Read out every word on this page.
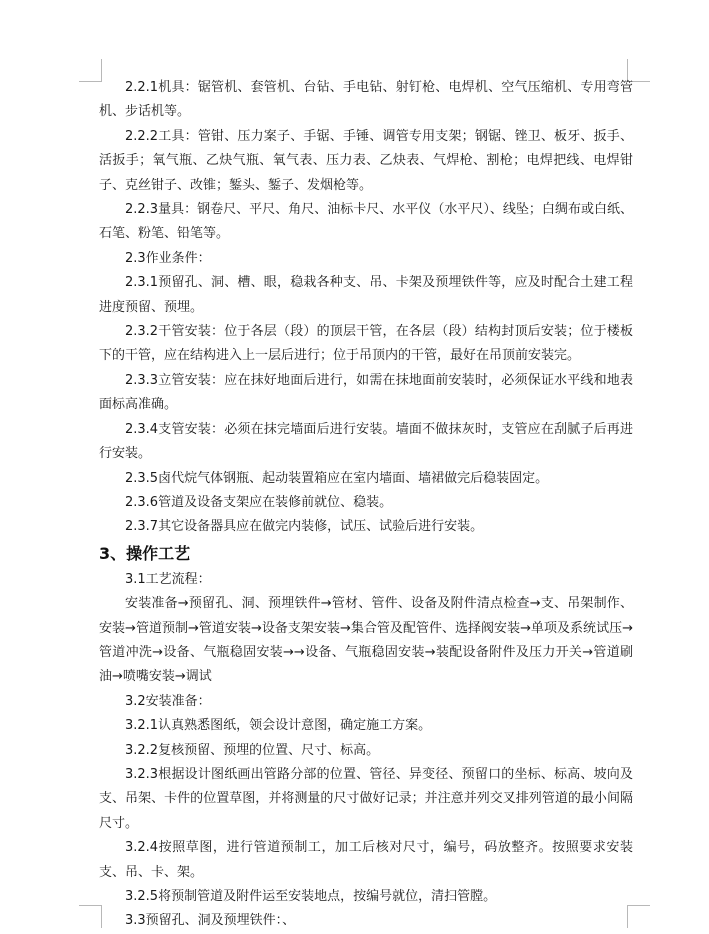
2.2.1机具：锯管机、套管机、台钻、手电钻、射钉枪、电焊机、空气压缩机、专用弯管机、步话机等。

2.2.2工具：管钳、压力案子、手锯、手锤、调管专用支架；钢锯、锉卫、板牙、扳手、活扳手；氧气瓶、乙炔气瓶、氧气表、压力表、乙炔表、气焊枪、割枪；电焊把线、电焊钳子、克丝钳子、改锥；錾头、錾子、发烟枪等。

2.2.3量具：钢卷尺、平尺、角尺、油标卡尺、水平仪（水平尺）、线坠；白绸布或白纸、石笔、粉笔、铅笔等。

2.3作业条件：

2.3.1预留孔、洞、槽、眼，稳栽各种支、吊、卡架及预埋铁件等，应及时配合土建工程进度预留、预埋。

2.3.2干管安装：位于各层（段）的顶层干管，在各层（段）结构封顶后安装；位于楼板下的干管，应在结构进入上一层后进行；位于吊顶内的干管，最好在吊顶前安装完。

2.3.3立管安装：应在抹好地面后进行，如需在抹地面前安装时，必须保证水平线和地表面标高准确。

2.3.4支管安装：必须在抹完墙面后进行安装。墙面不做抹灰时，支管应在刮腻子后再进行安装。

2.3.5卤代烷气体钢瓶、起动装置箱应在室内墙面、墙裙做完后稳装固定。

2.3.6管道及设备支架应在装修前就位、稳装。

2.3.7其它设备器具应在做完内装修，试压、试验后进行安装。

3、操作工艺

3.1工艺流程：

安装准备→预留孔、洞、预埋铁件→管材、管件、设备及附件清点检查→支、吊架制作、安装→管道预制→管道安装→设备支架安装→集合管及配管件、选择阀安装→单项及系统试压→管道冲洗→设备、气瓶稳固安装→→设备、气瓶稳固安装→装配设备附件及压力开关→管道刷油→喷嘴安装→调试

3.2安装准备：

3.2.1认真熟悉图纸，领会设计意图，确定施工方案。

3.2.2复核预留、预埋的位置、尺寸、标高。

3.2.3根据设计图纸画出管路分部的位置、管径、异变径、预留口的坐标、标高、坡向及支、吊架、卡件的位置草图，并将测量的尺寸做好记录；并注意并列交叉排列管道的最小间隔尺寸。

3.2.4按照草图，进行管道预制工，加工后核对尺寸，编号，码放整齐。按照要求安装支、吊、卡、架。

3.2.5将预制管道及附件运至安装地点，按编号就位，清扫管膛。

3.3预留孔、洞及预埋铁件：、
